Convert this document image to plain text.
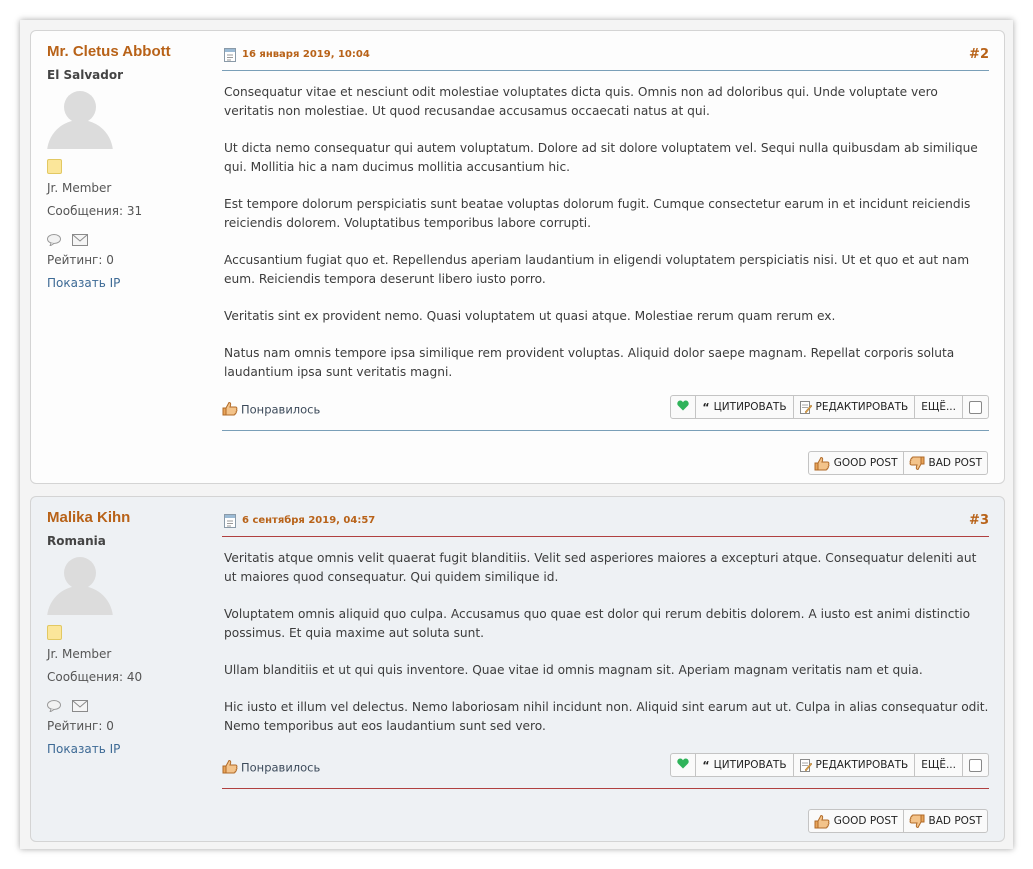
Mr. Cletus Abbott
El Salvador
Jr. Member
Сообщения: 31

Рейтинг: 0
Показать IP
16 января 2019, 10:04	#2

Consequatur vitae et nesciunt odit molestiae voluptates dicta quis. Omnis non ad doloribus qui. Unde voluptate vero veritatis non molestiae. Ut quod recusandae accusamus occaecati natus at qui.

Ut dicta nemo consequatur qui autem voluptatum. Dolore ad sit dolore voluptatem vel. Sequi nulla quibusdam ab similique qui. Mollitia hic a nam ducimus mollitia accusantium hic.

Est tempore dolorum perspiciatis sunt beatae voluptas dolorum fugit. Cumque consectetur earum in et incidunt reiciendis reiciendis dolorem. Voluptatibus temporibus labore corrupti.

Accusantium fugiat quo et. Repellendus aperiam laudantium in eligendi voluptatem perspiciatis nisi. Ut et quo et aut nam eum. Reiciendis tempora deserunt libero iusto porro.

Veritatis sint ex provident nemo. Quasi voluptatem ut quasi atque. Molestiae rerum quam rerum ex.

Natus nam omnis tempore ipsa similique rem provident voluptas. Aliquid dolor saepe magnam. Repellat corporis soluta laudantium ipsa sunt veritatis magni.

Понравилось	“ ЦИТИРОВАТЬ	РЕДАКТИРОВАТЬ	ЕЩЁ...
GOOD POST	BAD POST
Malika Kihn
Romania
Jr. Member
Сообщения: 40

Рейтинг: 0
Показать IP
6 сентября 2019, 04:57	#3

Veritatis atque omnis velit quaerat fugit blanditiis. Velit sed asperiores maiores a excepturi atque. Consequatur deleniti aut ut maiores quod consequatur. Qui quidem similique id.

Voluptatem omnis aliquid quo culpa. Accusamus quo quae est dolor qui rerum debitis dolorem. A iusto est animi distinctio possimus. Et quia maxime aut soluta sunt.

Ullam blanditiis et ut qui quis inventore. Quae vitae id omnis magnam sit. Aperiam magnam veritatis nam et quia.

Hic iusto et illum vel delectus. Nemo laboriosam nihil incidunt non. Aliquid sint earum aut ut. Culpa in alias consequatur odit. Nemo temporibus aut eos laudantium sunt sed vero.

Понравилось	“ ЦИТИРОВАТЬ	РЕДАКТИРОВАТЬ	ЕЩЁ...
GOOD POST	BAD POST
